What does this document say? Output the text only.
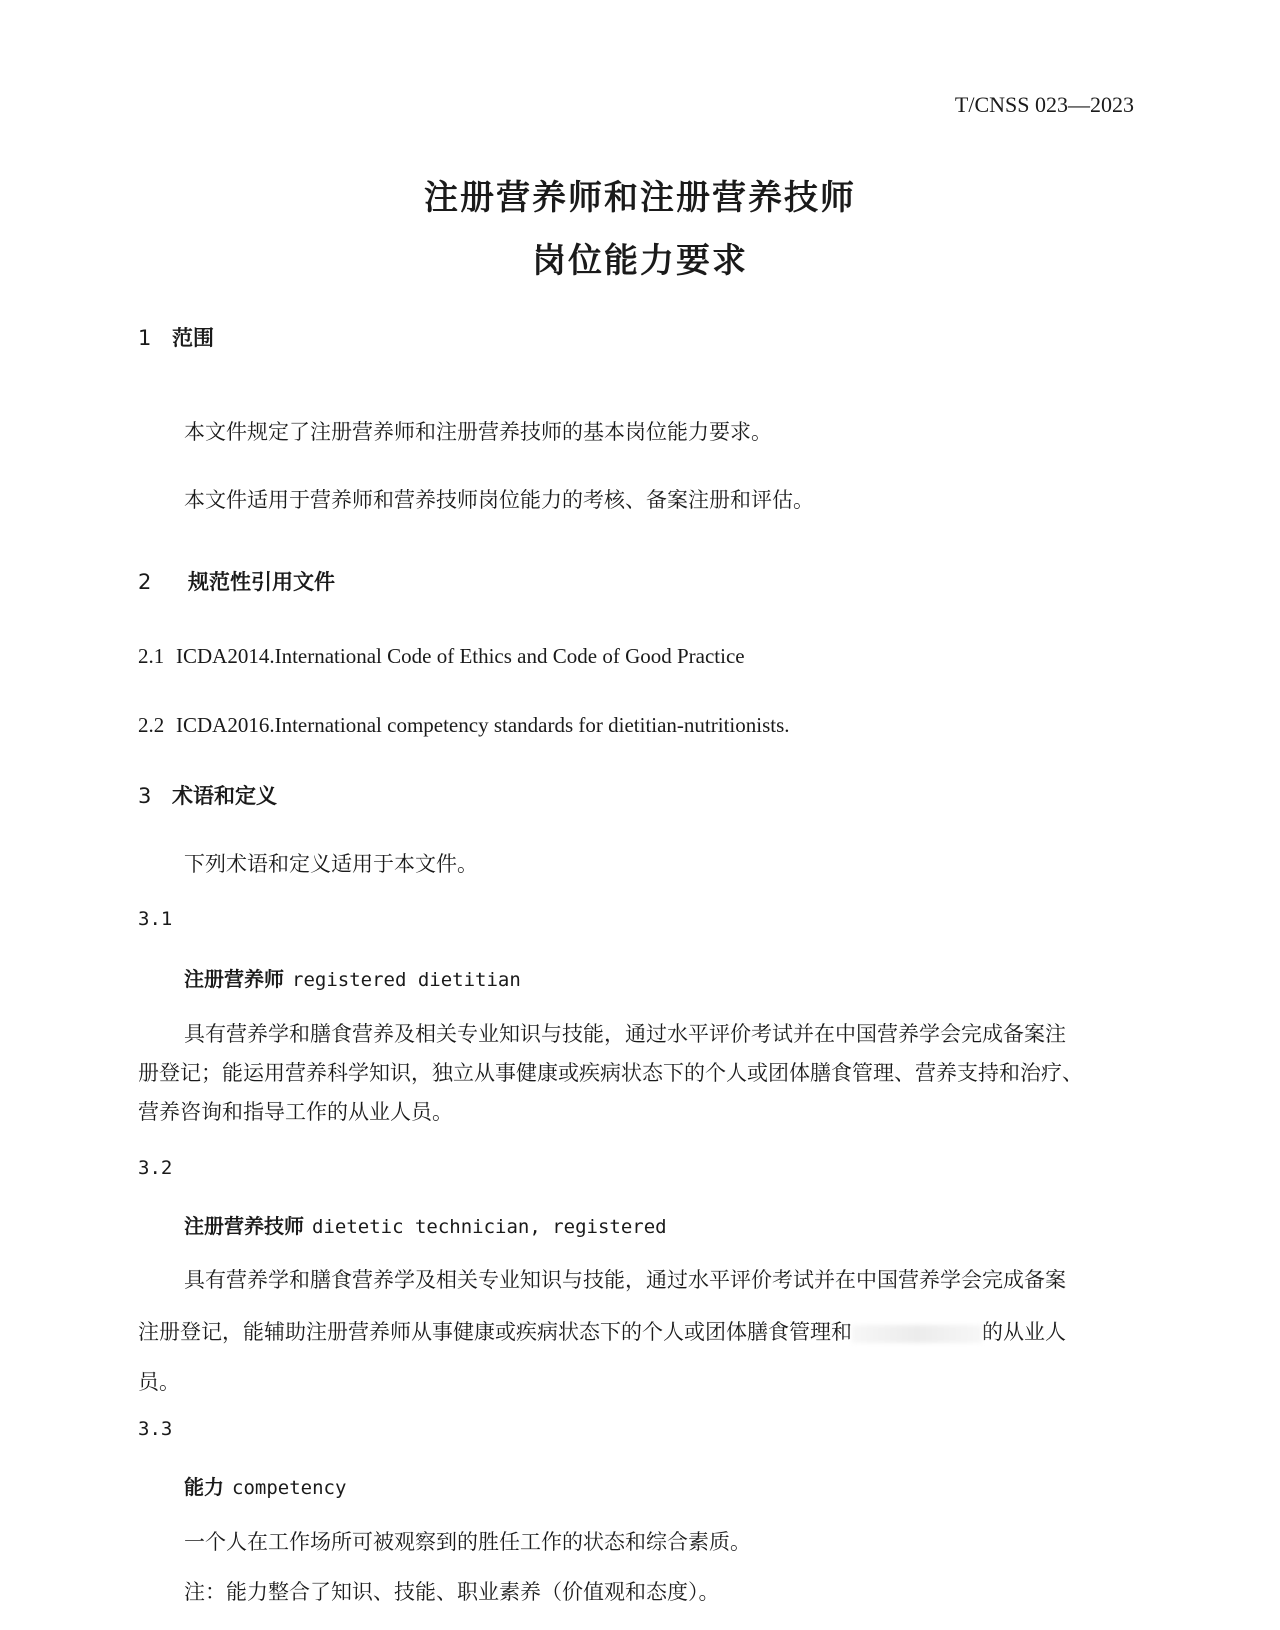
T/CNSS 023—2023
注册营养师和注册营养技师
岗位能力要求
1 范围
本文件规定了注册营养师和注册营养技师的基本岗位能力要求。
本文件适用于营养师和营养技师岗位能力的考核、备案注册和评估。
2 规范性引用文件
2.1 ICDA2014.International Code of Ethics and Code of Good Practice
2.2 ICDA2016.International competency standards for dietitian-nutritionists.
3 术语和定义
下列术语和定义适用于本文件。
3.1
注册营养师 registered dietitian
具有营养学和膳食营养及相关专业知识与技能，通过水平评价考试并在中国营养学会完成备案注
册登记；能运用营养科学知识，独立从事健康或疾病状态下的个人或团体膳食管理、营养支持和治疗、
营养咨询和指导工作的从业人员。
3.2
注册营养技师 dietetic technician, registered
具有营养学和膳食营养学及相关专业知识与技能，通过水平评价考试并在中国营养学会完成备案
注册登记，能辅助注册营养师从事健康或疾病状态下的个人或团体膳食管理和	的从业人
员。
3.3
能力 competency
一个人在工作场所可被观察到的胜任工作的状态和综合素质。
注：能力整合了知识、技能、职业素养（价值观和态度）。
